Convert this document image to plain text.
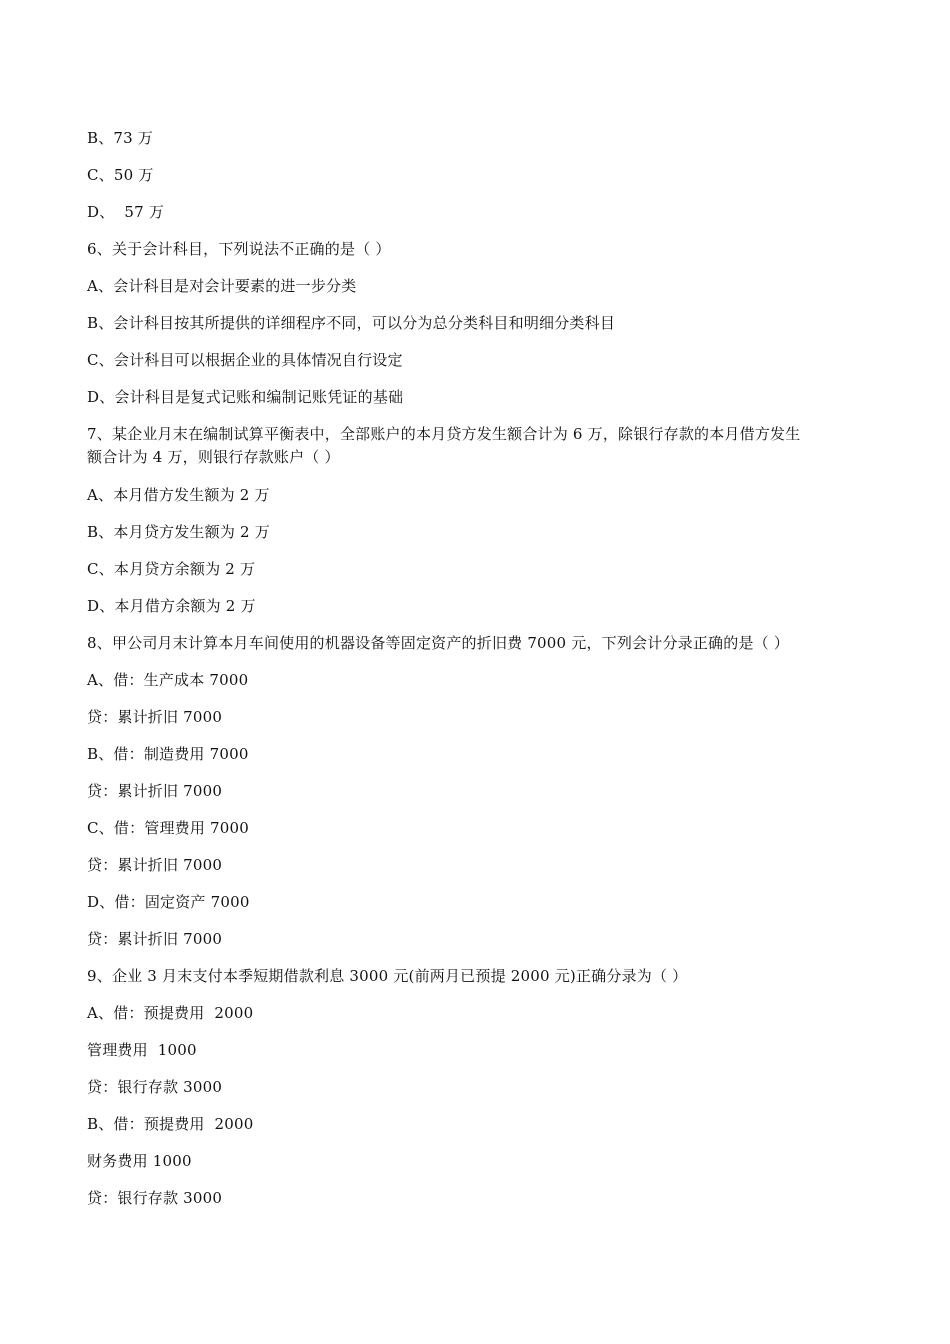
B、73 万
C、50 万
D、  57 万
6、关于会计科目，下列说法不正确的是（ ）
A、会计科目是对会计要素的进一步分类
B、会计科目按其所提供的详细程序不同，可以分为总分类科目和明细分类科目
C、会计科目可以根据企业的具体情况自行设定
D、会计科目是复式记账和编制记账凭证的基础
7、某企业月末在编制试算平衡表中，全部账户的本月贷方发生额合计为 6 万，除银行存款的本月借方发生
额合计为 4 万，则银行存款账户（ ）
A、本月借方发生额为 2 万
B、本月贷方发生额为 2 万
C、本月贷方余额为 2 万
D、本月借方余额为 2 万
8、甲公司月末计算本月车间使用的机器设备等固定资产的折旧费 7000 元，下列会计分录正确的是（ ）
A、借：生产成本 7000
贷：累计折旧 7000
B、借：制造费用 7000
贷：累计折旧 7000
C、借：管理费用 7000
贷：累计折旧 7000
D、借：固定资产 7000
贷：累计折旧 7000
9、企业 3 月末支付本季短期借款利息 3000 元(前两月已预提 2000 元)正确分录为（ ）
A、借：预提费用  2000
管理费用  1000
贷：银行存款 3000
B、借：预提费用  2000
财务费用 1000
贷：银行存款 3000
